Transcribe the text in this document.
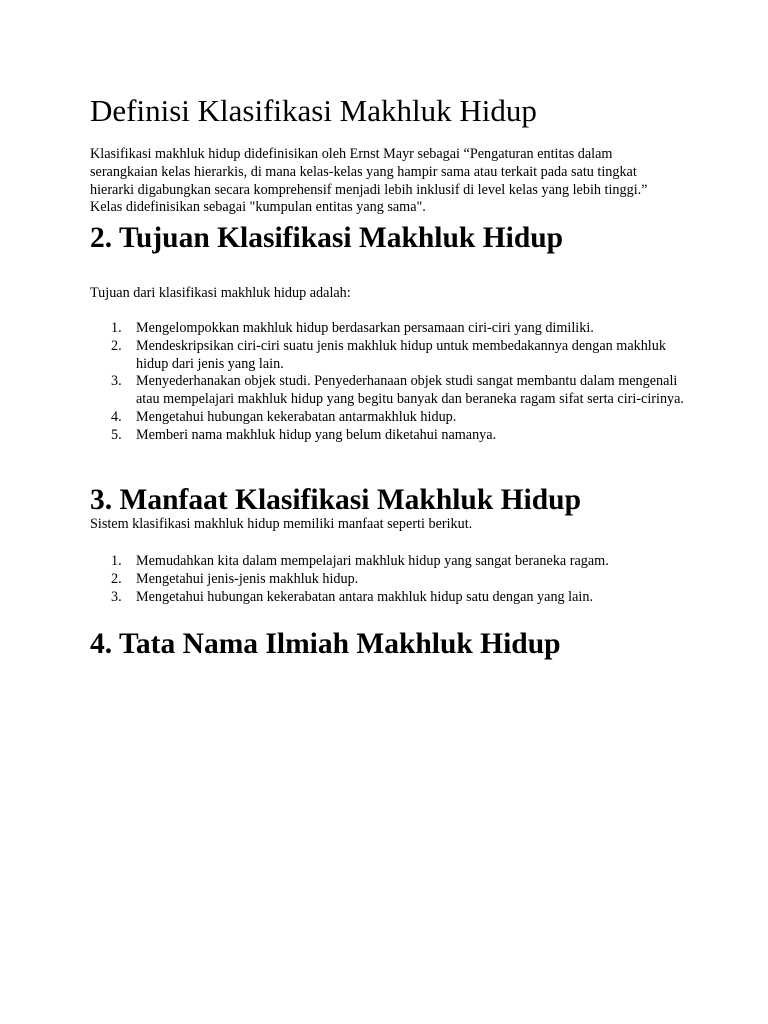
Definisi Klasifikasi Makhluk Hidup

Klasifikasi makhluk hidup didefinisikan oleh Ernst Mayr sebagai “Pengaturan entitas dalam serangkaian kelas hierarkis, di mana kelas-kelas yang hampir sama atau terkait pada satu tingkat hierarki digabungkan secara komprehensif menjadi lebih inklusif di level kelas yang lebih tinggi.” Kelas didefinisikan sebagai "kumpulan entitas yang sama".

2. Tujuan Klasifikasi Makhluk Hidup

Tujuan dari klasifikasi makhluk hidup adalah:

1. Mengelompokkan makhluk hidup berdasarkan persamaan ciri-ciri yang dimiliki.
2. Mendeskripsikan ciri-ciri suatu jenis makhluk hidup untuk membedakannya dengan makhluk hidup dari jenis yang lain.
3. Menyederhanakan objek studi. Penyederhanaan objek studi sangat membantu dalam mengenali atau mempelajari makhluk hidup yang begitu banyak dan beraneka ragam sifat serta ciri-cirinya.
4. Mengetahui hubungan kekerabatan antarmakhluk hidup.
5. Memberi nama makhluk hidup yang belum diketahui namanya.
3. Manfaat Klasifikasi Makhluk Hidup

Sistem klasifikasi makhluk hidup memiliki manfaat seperti berikut.

1. Memudahkan kita dalam mempelajari makhluk hidup yang sangat beraneka ragam.
2. Mengetahui jenis-jenis makhluk hidup.
3. Mengetahui hubungan kekerabatan antara makhluk hidup satu dengan yang lain.
4. Tata Nama Ilmiah Makhluk Hidup
